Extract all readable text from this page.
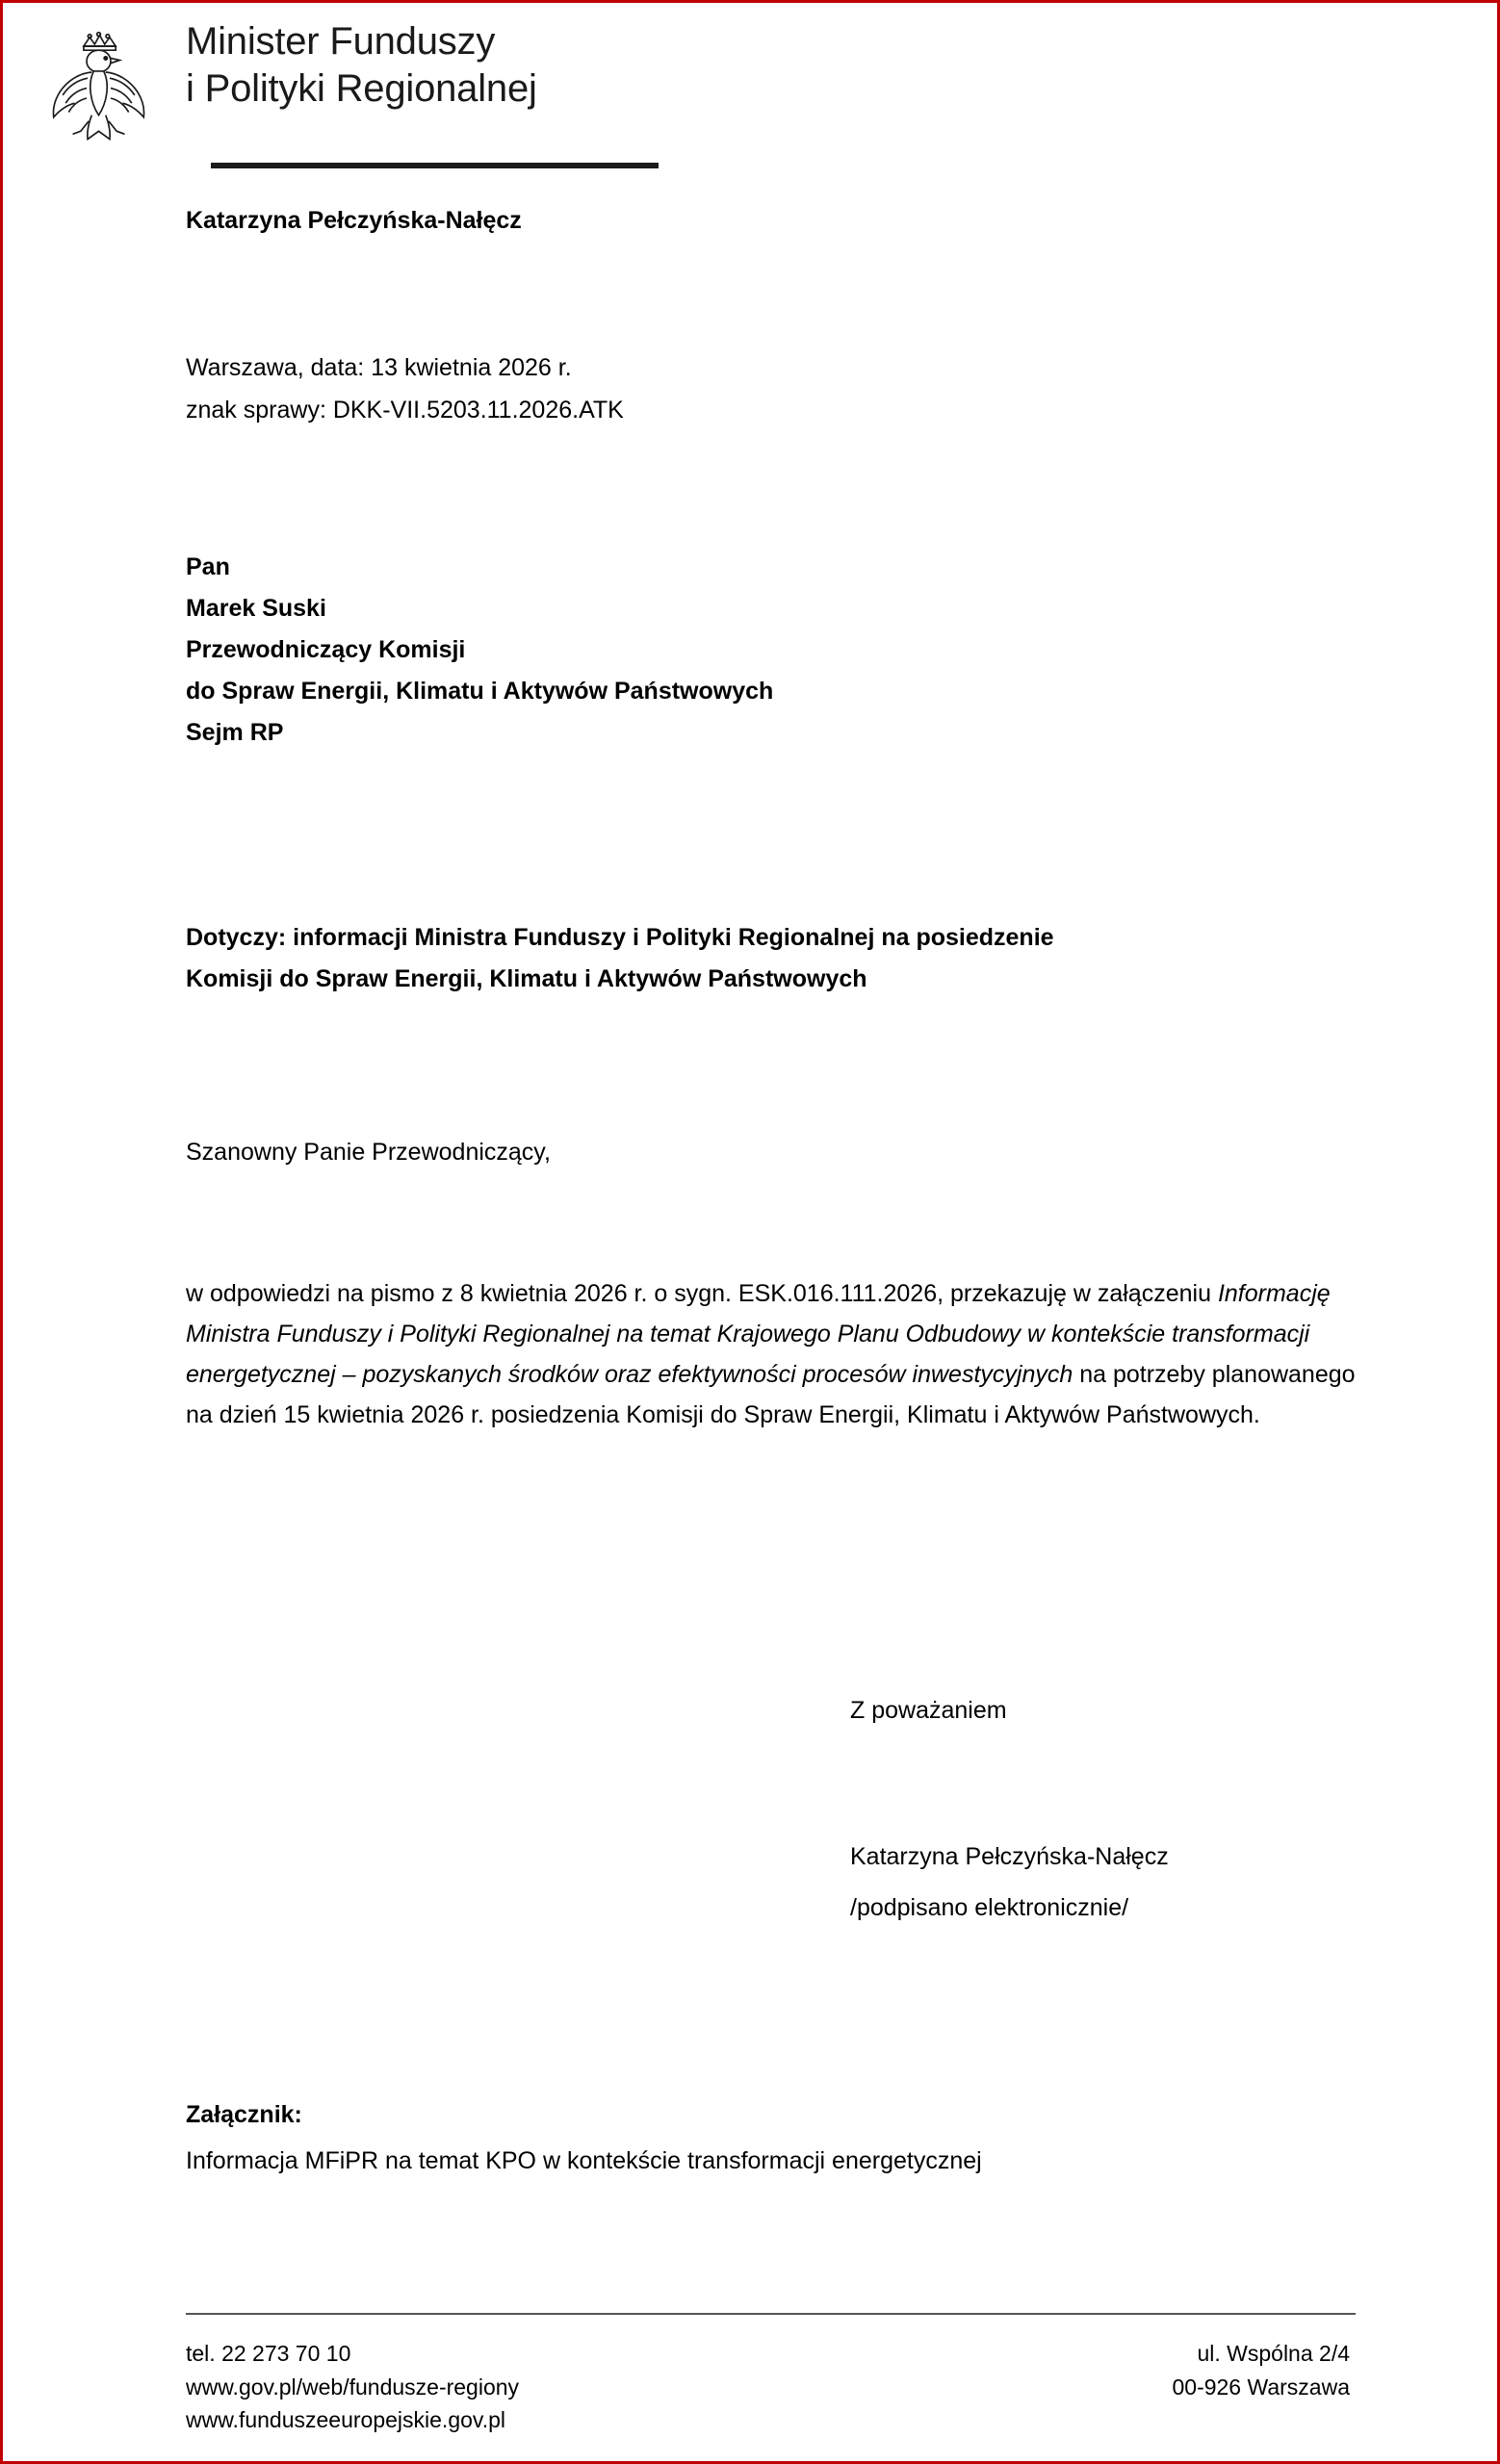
Minister Funduszy
i Polityki Regionalnej
Katarzyna Pełczyńska-Nałęcz
Warszawa, data: 13 kwietnia 2026 r.
znak sprawy: DKK-VII.5203.11.2026.ATK
Pan
Marek Suski
Przewodniczący Komisji
do Spraw Energii, Klimatu i Aktywów Państwowych
Sejm RP
Dotyczy: informacji Ministra Funduszy i Polityki Regionalnej na posiedzenie
Komisji do Spraw Energii, Klimatu i Aktywów Państwowych
Szanowny Panie Przewodniczący,
w odpowiedzi na pismo z 8 kwietnia 2026 r. o sygn. ESK.016.111.2026, przekazuję w załączeniu Informację Ministra Funduszy i Polityki Regionalnej na temat Krajowego Planu Odbudowy w kontekście transformacji energetycznej – pozyskanych środków oraz efektywności procesów inwestycyjnych na potrzeby planowanego na dzień 15 kwietnia 2026 r. posiedzenia Komisji do Spraw Energii, Klimatu i Aktywów Państwowych.
Z poważaniem
Katarzyna Pełczyńska-Nałęcz
/podpisano elektronicznie/
Załącznik:
Informacja MFiPR na temat KPO w kontekście transformacji energetycznej
tel. 22 273 70 10
www.gov.pl/web/fundusze-regiony
www.funduszeeuropejskie.gov.pl
ul. Wspólna 2/4
00-926 Warszawa
